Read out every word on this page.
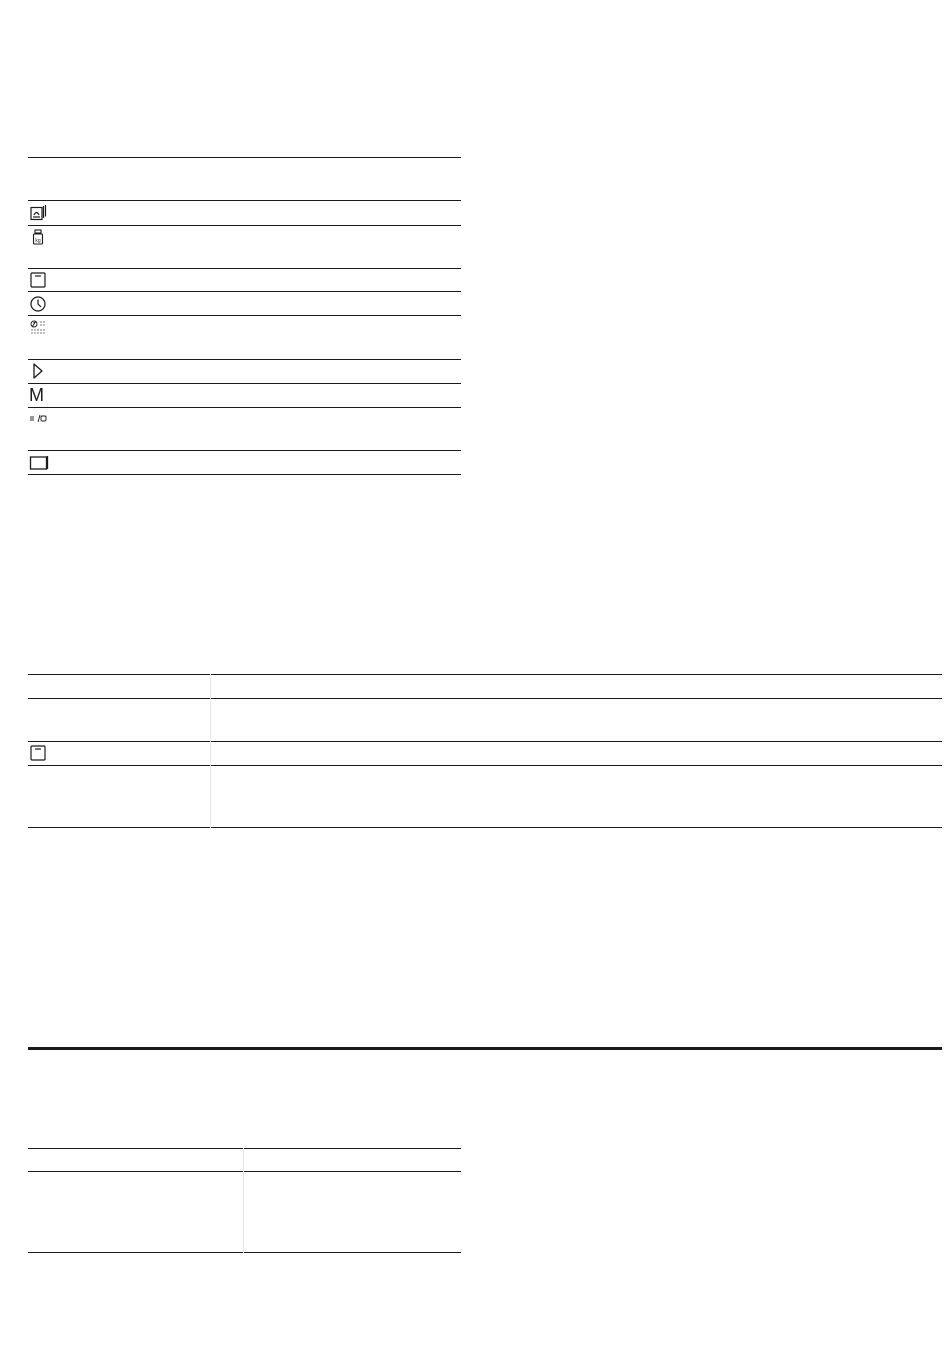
kg
M
